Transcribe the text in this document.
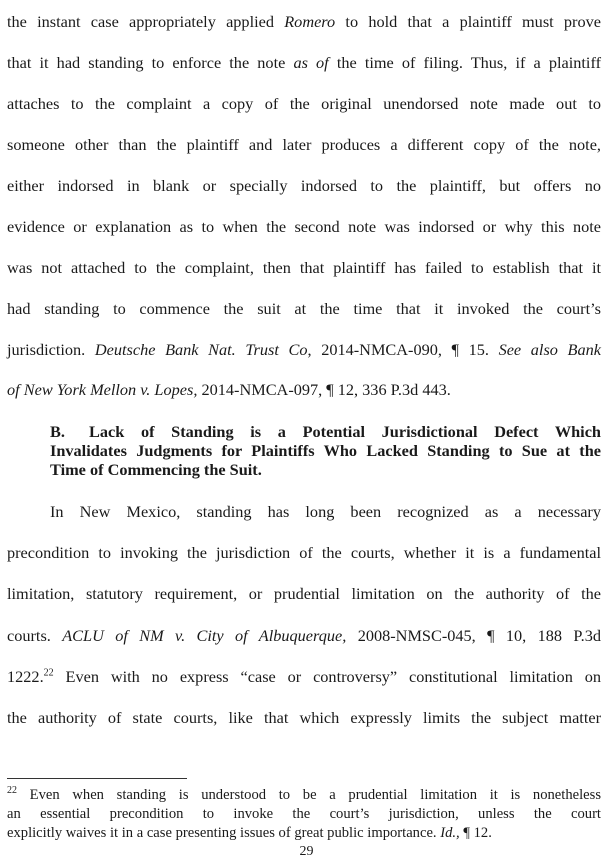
the instant case appropriately applied Romero to hold that a plaintiff must prove
that it had standing to enforce the note as of the time of filing. Thus, if a plaintiff
attaches to the complaint a copy of the original unendorsed note made out to
someone other than the plaintiff and later produces a different copy of the note,
either indorsed in blank or specially indorsed to the plaintiff, but offers no
evidence or explanation as to when the second note was indorsed or why this note
was not attached to the complaint, then that plaintiff has failed to establish that it
had standing to commence the suit at the time that it invoked the court’s
jurisdiction. Deutsche Bank Nat. Trust Co, 2014-NMCA-090, ¶ 15. See also Bank
of New York Mellon v. Lopes, 2014-NMCA-097, ¶ 12, 336 P.3d 443.
B. Lack of Standing is a Potential Jurisdictional Defect Which
Invalidates Judgments for Plaintiffs Who Lacked Standing to Sue at the
Time of Commencing the Suit.
In New Mexico, standing has long been recognized as a necessary
precondition to invoking the jurisdiction of the courts, whether it is a fundamental
limitation, statutory requirement, or prudential limitation on the authority of the
courts. ACLU of NM v. City of Albuquerque, 2008-NMSC-045, ¶ 10, 188 P.3d
1222.22 Even with no express “case or controversy” constitutional limitation on
the authority of state courts, like that which expressly limits the subject matter
$^{22}$ Even when standing is understood to be a prudential limitation it is nonetheless
an essential precondition to invoke the court’s jurisdiction, unless the court
explicitly waives it in a case presenting issues of great public importance. Id., ¶ 12.
29
